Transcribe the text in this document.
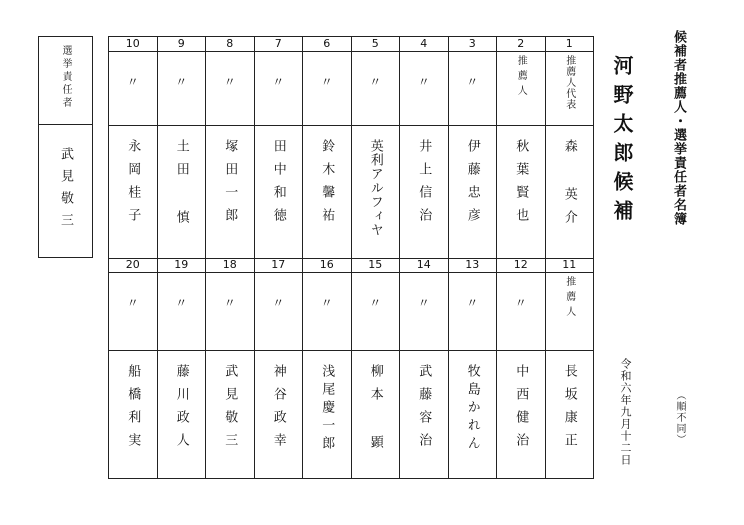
選挙責任者
武見敬三
10
〃
永岡桂子
9
〃
土田 慎
8
〃
塚田一郎
7
〃
田中和徳
6
〃
鈴木馨祐
5
〃
英利アルフィヤ
4
〃
井上信治
3
〃
伊藤忠彦
2
推薦人
秋葉賢也
1
推薦人代表
森 英介
20
〃
船橋利実
19
〃
藤川政人
18
〃
武見敬三
17
〃
神谷政幸
16
〃
浅尾慶一郎
15
〃
柳本 顕
14
〃
武藤容治
13
〃
牧島かれん
12
〃
中西健治
11
推薦人
長坂康正
河野太郎候補	候補者推薦人・選挙責任者名簿
（順不同）
令和六年九月十二日
